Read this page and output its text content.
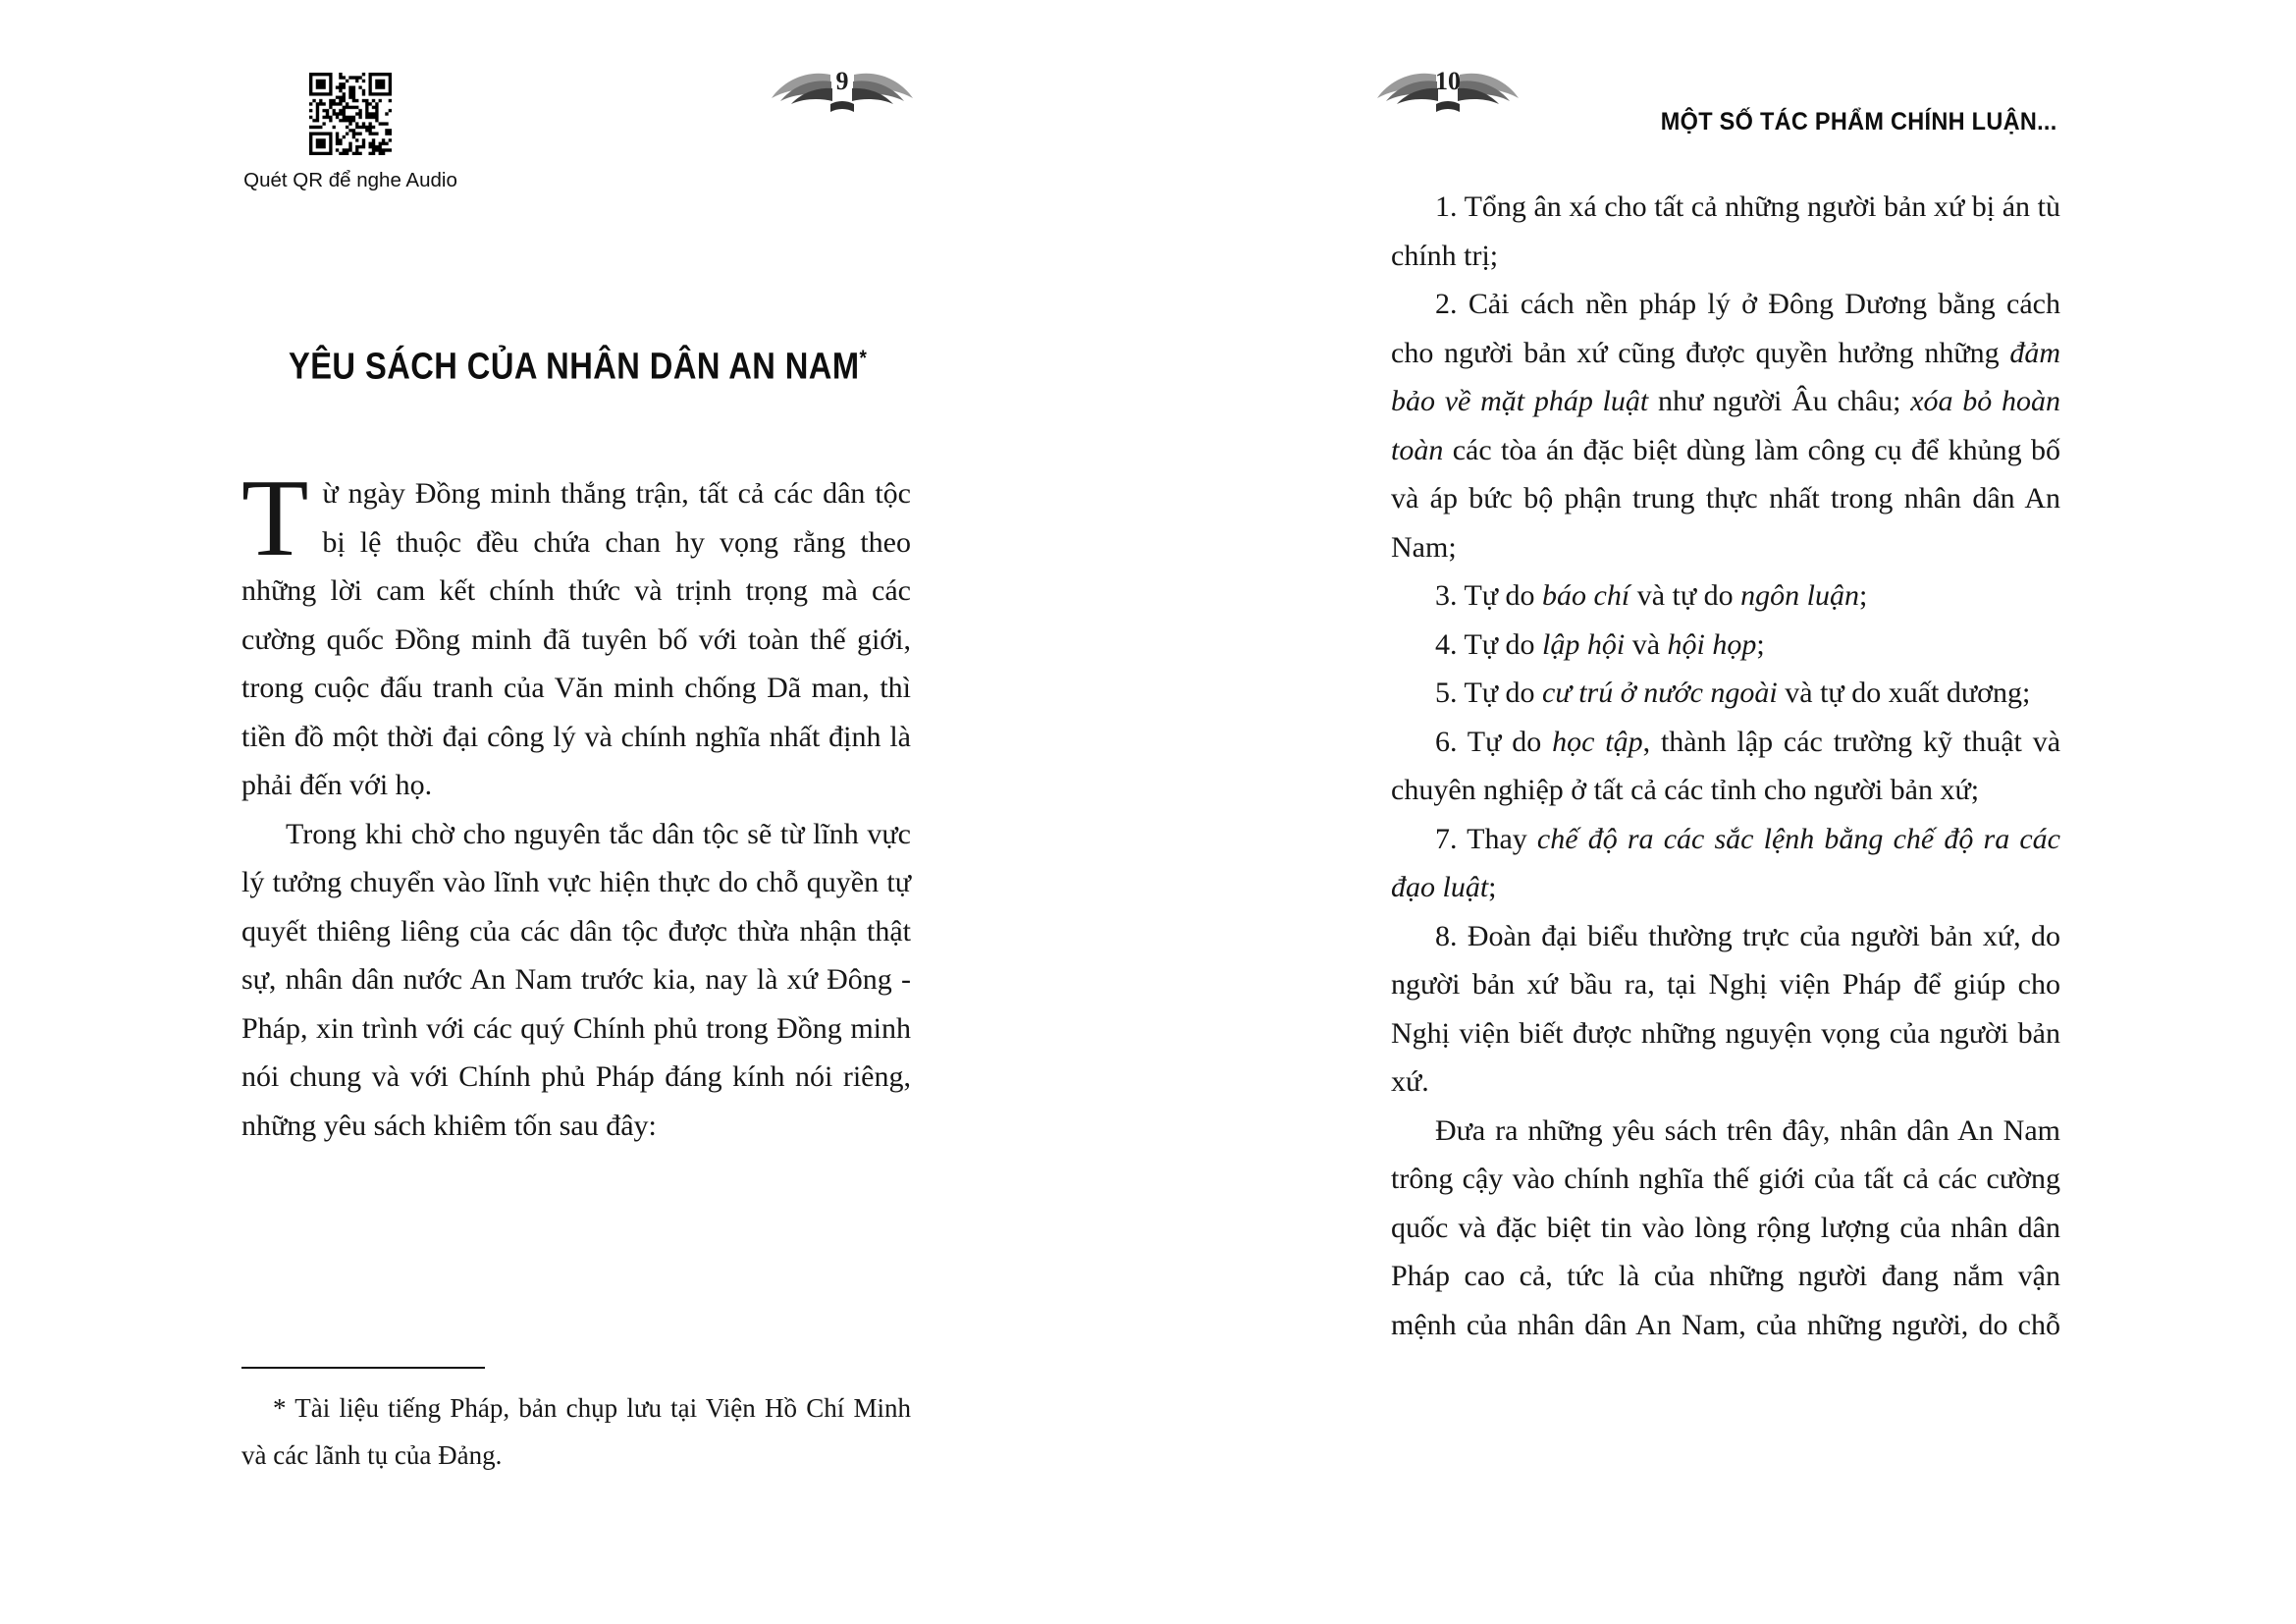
Quét QR để nghe Audio
9
YÊU SÁCH CỦA NHÂN DÂN AN NAM*

Từ ngày Đồng minh thắng trận, tất cả các dân tộc bị lệ thuộc đều chứa chan hy vọng rằng theo những lời cam kết chính thức và trịnh trọng mà các cường quốc Đồng minh đã tuyên bố với toàn thế giới, trong cuộc đấu tranh của Văn minh chống Dã man, thì tiền đồ một thời đại công lý và chính nghĩa nhất định là phải đến với họ.

Trong khi chờ cho nguyên tắc dân tộc sẽ từ lĩnh vực lý tưởng chuyển vào lĩnh vực hiện thực do chỗ quyền tự quyết thiêng liêng của các dân tộc được thừa nhận thật sự, nhân dân nước An Nam trước kia, nay là xứ Đông - Pháp, xin trình với các quý Chính phủ trong Đồng minh nói chung và với Chính phủ Pháp đáng kính nói riêng, những yêu sách khiêm tốn sau đây:

* Tài liệu tiếng Pháp, bản chụp lưu tại Viện Hồ Chí Minh và các lãnh tụ của Đảng.

10
MỘT SỐ TÁC PHẨM CHÍNH LUẬN...

1. Tổng ân xá cho tất cả những người bản xứ bị án tù chính trị;

2. Cải cách nền pháp lý ở Đông Dương bằng cách cho người bản xứ cũng được quyền hưởng những đảm bảo về mặt pháp luật như người Âu châu; xóa bỏ hoàn toàn các tòa án đặc biệt dùng làm công cụ để khủng bố và áp bức bộ phận trung thực nhất trong nhân dân An Nam;

3. Tự do báo chí và tự do ngôn luận;

4. Tự do lập hội và hội họp;

5. Tự do cư trú ở nước ngoài và tự do xuất dương;

6. Tự do học tập, thành lập các trường kỹ thuật và chuyên nghiệp ở tất cả các tỉnh cho người bản xứ;

7. Thay chế độ ra các sắc lệnh bằng chế độ ra các đạo luật;

8. Đoàn đại biểu thường trực của người bản xứ, do người bản xứ bầu ra, tại Nghị viện Pháp để giúp cho Nghị viện biết được những nguyện vọng của người bản xứ.

Đưa ra những yêu sách trên đây, nhân dân An Nam trông cậy vào chính nghĩa thế giới của tất cả các cường quốc và đặc biệt tin vào lòng rộng lượng của nhân dân Pháp cao cả, tức là của những người đang nắm vận mệnh của nhân dân An Nam, của những người, do chỗ
